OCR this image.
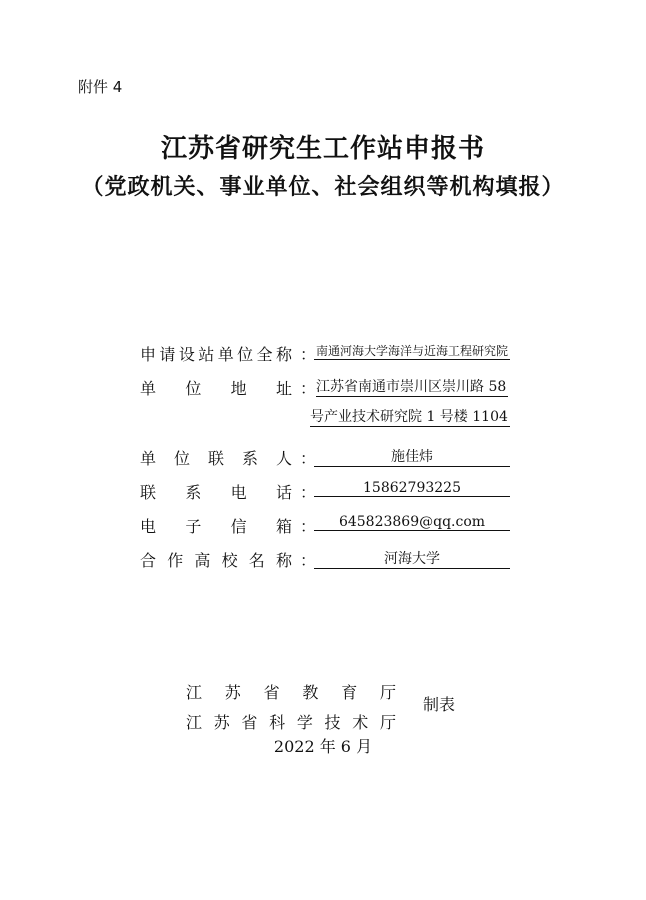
附件 4
江苏省研究生工作站申报书
（党政机关、事业单位、社会组织等机构填报）
申请设站单位全称 ： 南通河海大学海洋与近海工程研究院
单位地址 ： 江苏省南通市崇川区崇川路 58
号产业技术研究院 1 号楼 1104
单位联系人 ：	施佳炜
联系电话 ：	15862793225
电子信箱 ：	645823869@qq.com
合作高校名称 ：	河海大学
江苏省教育厅
江苏省科学技术厅
制表
2022 年 6 月
